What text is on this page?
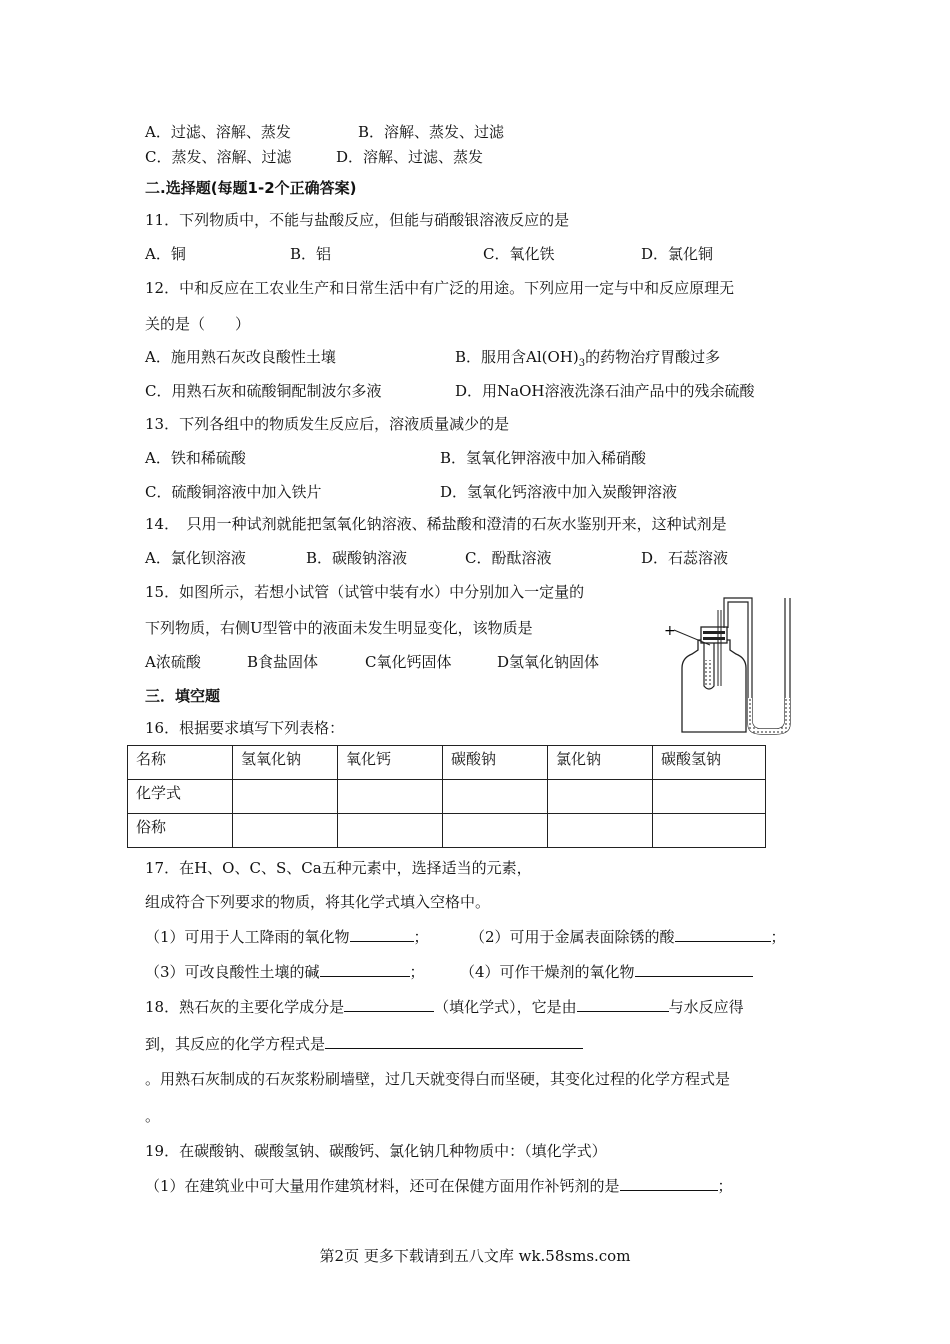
A．过滤、溶解、蒸发	B．溶解、蒸发、过滤
C．蒸发、溶解、过滤	D．溶解、过滤、蒸发
二.选择题(每题1-2个正确答案)
11．下列物质中，不能与盐酸反应，但能与硝酸银溶液反应的是
A．铜	B．铝	C．氧化铁	D．氯化铜
12．中和反应在工农业生产和日常生活中有广泛的用途。下列应用一定与中和反应原理无
关的是（　　）
A．施用熟石灰改良酸性土壤	B．服用含$Al(OH)_3$的药物治疗胃酸过多
C．用熟石灰和硫酸铜配制波尔多液	D．用NaOH溶液洗涤石油产品中的残余硫酸
13．下列各组中的物质发生反应后，溶液质量减少的是
A．铁和稀硫酸	B．氢氧化钾溶液中加入稀硝酸
C．硫酸铜溶液中加入铁片	D．氢氧化钙溶液中加入炭酸钾溶液
14．　只用一种试剂就能把氢氧化钠溶液、稀盐酸和澄清的石灰水鉴别开来，这种试剂是
A．氯化钡溶液	B．碳酸钠溶液	C．酚酞溶液	D．石蕊溶液
15．如图所示，若想小试管（试管中装有水）中分别加入一定量的
下列物质，右侧U型管中的液面未发生明显变化，该物质是
A浓硫酸	B食盐固体	C氧化钙固体	D氢氧化钠固体
+
三．填空题
16．根据要求填写下列表格：
名称	氢氧化钠	氧化钙	碳酸钠	氯化钠	碳酸氢钠
化学式					
俗称					
17．在H、O、C、S、Ca五种元素中，选择适当的元素，
组成符合下列要求的物质，将其化学式填入空格中。
（1）可用于人工降雨的氧化物	；	（2）可用于金属表面除锈的酸	；
（3）可改良酸性土壤的碱	； （4）可作干燥剂的氧化物
18．熟石灰的主要化学成分是	（填化学式），它是由	与水反应得
到，其反应的化学方程式是
。用熟石灰制成的石灰浆粉刷墙壁，过几天就变得白而坚硬，其变化过程的化学方程式是
。
19．在碳酸钠、碳酸氢钠、碳酸钙、氯化钠几种物质中：（填化学式）
（1）在建筑业中可大量用作建筑材料，还可在保健方面用作补钙剂的是	；
第2页 更多下载请到五八文库 wk.58sms.com
